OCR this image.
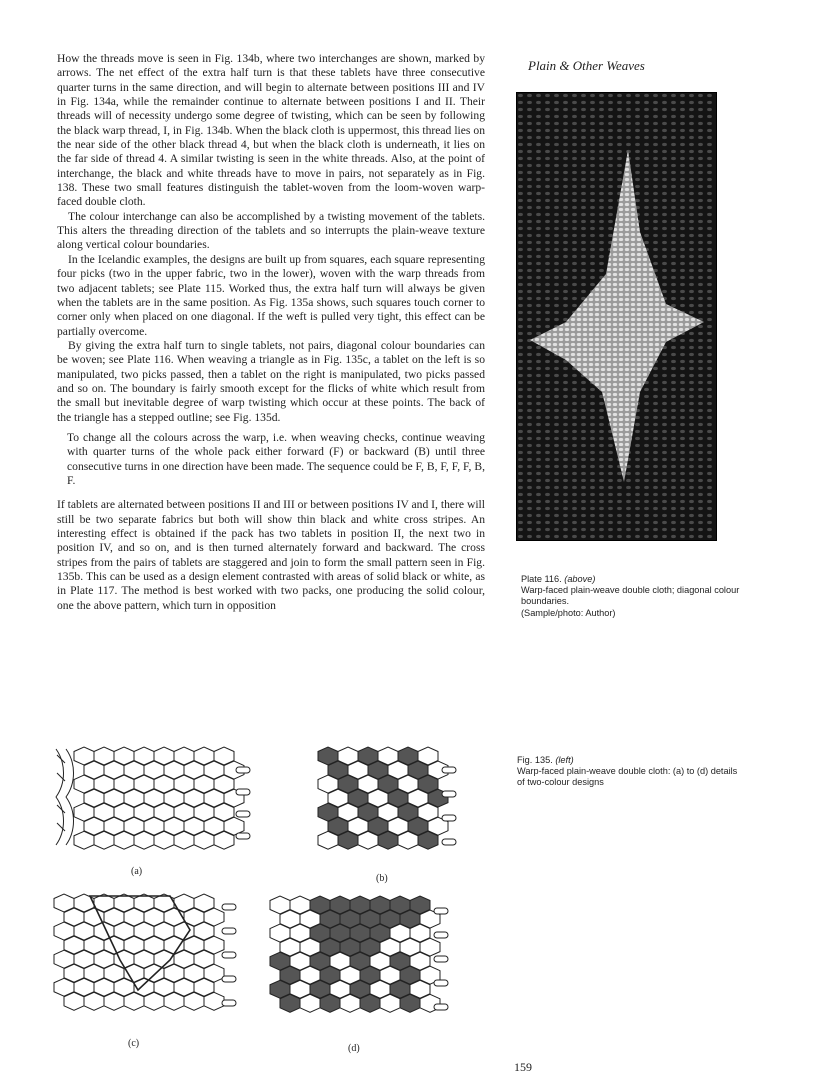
Plain & Other Weaves

How the threads move is seen in Fig. 134b, where two interchanges are shown, marked by arrows. The net effect of the extra half turn is that these tablets have three consecutive quarter turns in the same direction, and will begin to alternate between positions III and IV in Fig. 134a, while the remainder continue to alternate between positions I and II. Their threads will of necessity undergo some degree of twisting, which can be seen by following the black warp thread, I, in Fig. 134b. When the black cloth is uppermost, this thread lies on the near side of the other black thread 4, but when the black cloth is underneath, it lies on the far side of thread 4. A similar twisting is seen in the white threads. Also, at the point of interchange, the black and white threads have to move in pairs, not separately as in Fig. 138. These two small features distinguish the tablet-woven from the loom-woven warp-faced double cloth.

The colour interchange can also be accomplished by a twisting movement of the tablets. This alters the threading direction of the tablets and so interrupts the plain-weave texture along vertical colour boundaries.

In the Icelandic examples, the designs are built up from squares, each square representing four picks (two in the upper fabric, two in the lower), woven with the warp threads from two adjacent tablets; see Plate 115. Worked thus, the extra half turn will always be given when the tablets are in the same position. As Fig. 135a shows, such squares touch corner to corner only when placed on one diagonal. If the weft is pulled very tight, this effect can be partially overcome.

By giving the extra half turn to single tablets, not pairs, diagonal colour boundaries can be woven; see Plate 116. When weaving a triangle as in Fig. 135c, a tablet on the left is so manipulated, two picks passed, then a tablet on the right is manipulated, two picks passed and so on. The boundary is fairly smooth except for the flicks of white which result from the small but inevitable degree of warp twisting which occur at these points. The back of the triangle has a stepped outline; see Fig. 135d.

To change all the colours across the warp, i.e. when weaving checks, continue weaving with quarter turns of the whole pack either forward (F) or backward (B) until three consecutive turns in one direction have been made. The sequence could be F, B, F, F, F, B, F.

If tablets are alternated between positions II and III or between positions IV and I, there will still be two separate fabrics but both will show thin black and white cross stripes. An interesting effect is obtained if the pack has two tablets in position II, the next two in position IV, and so on, and is then turned alternately forward and backward. The cross stripes from the pairs of tablets are staggered and join to form the small pattern seen in Fig. 135b. This can be used as a design element contrasted with areas of solid black or white, as in Plate 117. The method is best worked with two packs, one producing the solid colour, one the above pattern, which turn in opposition

Plate 116. (above)
Warp-faced plain-weave double cloth; diagonal colour boundaries.
(Sample/photo: Author)
Fig. 135. (left)
Warp-faced plain-weave double cloth: (a) to (d) details of two-colour designs
(a)
(b)
(c)	(d)
159
